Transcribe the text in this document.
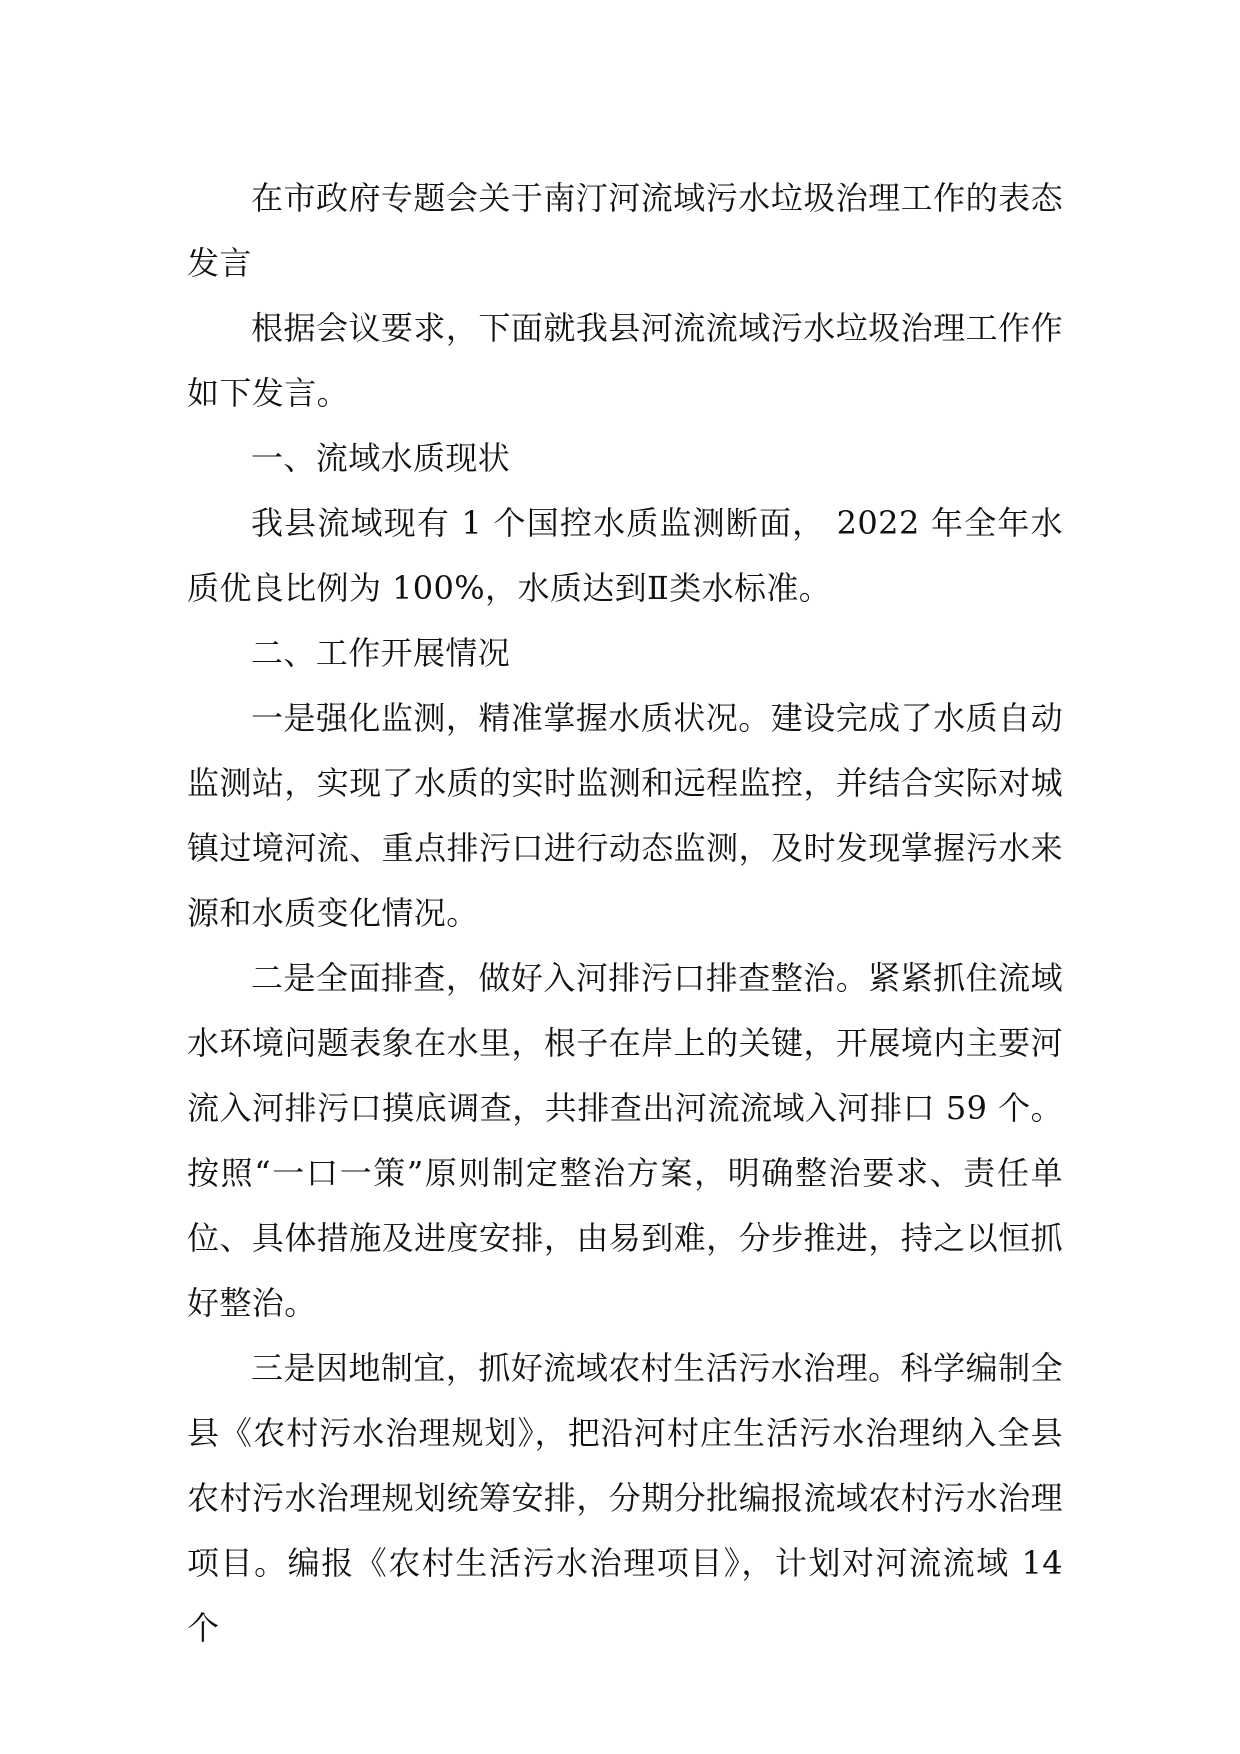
在市政府专题会关于南汀河流域污水垃圾治理工作的表态发言

根据会议要求，下面就我县河流流域污水垃圾治理工作作如下发言。

一、流域水质现状

我县流域现有 1 个国控水质监测断面， 2022 年全年水质优良比例为 100%，水质达到Ⅱ类水标准。

二、工作开展情况

一是强化监测，精准掌握水质状况。建设完成了水质自动监测站，实现了水质的实时监测和远程监控，并结合实际对城镇过境河流、重点排污口进行动态监测，及时发现掌握污水来源和水质变化情况。

二是全面排查，做好入河排污口排查整治。紧紧抓住流域水环境问题表象在水里，根子在岸上的关键，开展境内主要河流入河排污口摸底调查，共排查出河流流域入河排口 59 个。按照“一口一策”原则制定整治方案，明确整治要求、责任单位、具体措施及进度安排，由易到难，分步推进，持之以恒抓好整治。

三是因地制宜，抓好流域农村生活污水治理。科学编制全县《农村污水治理规划》，把沿河村庄生活污水治理纳入全县农村污水治理规划统筹安排，分期分批编报流域农村污水治理项目。编报《农村生活污水治理项目》，计划对河流流域 14 个
